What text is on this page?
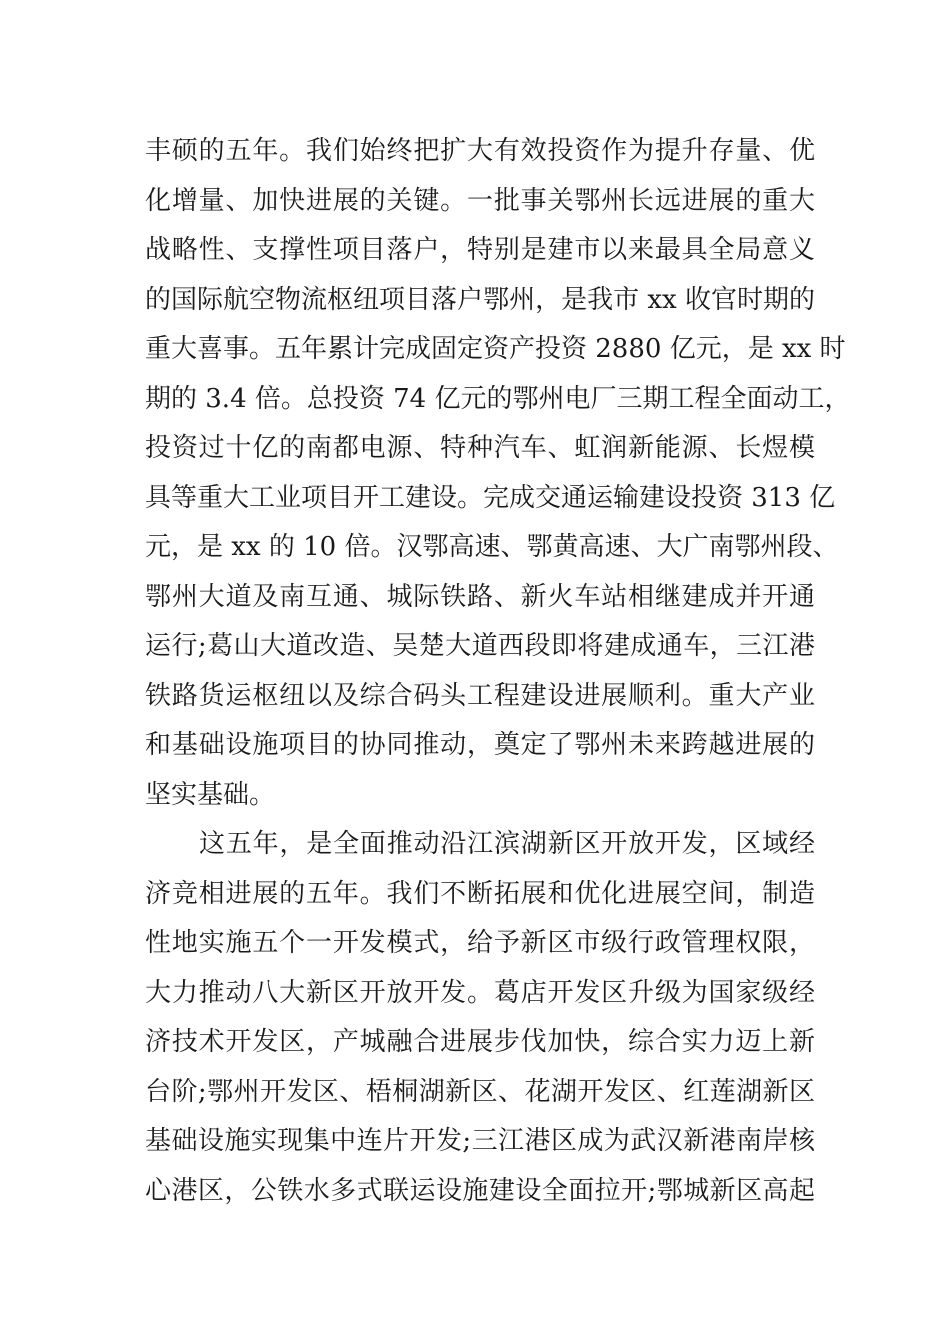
丰硕的五年。我们始终把扩大有效投资作为提升存量、优
化增量、加快进展的关键。一批事关鄂州长远进展的重大
战略性、支撑性项目落户，特别是建市以来最具全局意义
的国际航空物流枢纽项目落户鄂州，是我市 xx 收官时期的
重大喜事。五年累计完成固定资产投资 2880 亿元，是 xx 时
期的 3.4 倍。总投资 74 亿元的鄂州电厂三期工程全面动工，
投资过十亿的南都电源、特种汽车、虹润新能源、长煜模
具等重大工业项目开工建设。完成交通运输建设投资 313 亿
元，是 xx 的 10 倍。汉鄂高速、鄂黄高速、大广南鄂州段、
鄂州大道及南互通、城际铁路、新火车站相继建成并开通
运行;葛山大道改造、吴楚大道西段即将建成通车，三江港
铁路货运枢纽以及综合码头工程建设进展顺利。重大产业
和基础设施项目的协同推动，奠定了鄂州未来跨越进展的
坚实基础。
这五年，是全面推动沿江滨湖新区开放开发，区域经
济竞相进展的五年。我们不断拓展和优化进展空间，制造
性地实施五个一开发模式，给予新区市级行政管理权限，
大力推动八大新区开放开发。葛店开发区升级为国家级经
济技术开发区，产城融合进展步伐加快，综合实力迈上新
台阶;鄂州开发区、梧桐湖新区、花湖开发区、红莲湖新区
基础设施实现集中连片开发;三江港区成为武汉新港南岸核
心港区，公铁水多式联运设施建设全面拉开;鄂城新区高起
